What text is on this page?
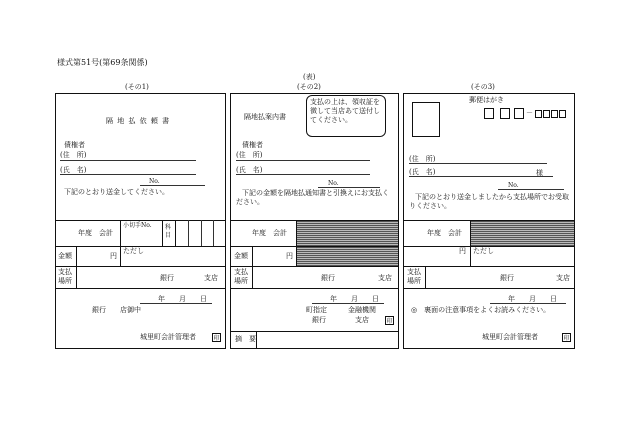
様式第51号(第69条関係)
(表)
(その1)
隔 地 払 依 頼 書
債権者
(住　所)
(氏　名)
No.
下記のとおり送金してください。
年度　会計
小切手No. 科目
金額	円
ただし
支払場所	銀行	支店
年　　月　　日
銀行　　店御中
城里町会計管理者	印
(その2)
隔地払案内書
支払の上は、領収証を徴して当店あて送付してください。
債権者
(住　所)
(氏　名)
No.
下記の金額を隔地払通知書と引換えにお支払ください。
年度　会計
金額	円
支払場所	銀行	支店
年　　月　　日
町指定	金融機関
銀行	支店	印
摘　要
(その3)
郵便はがき
－
(住　所)
(氏　名)	様
No.
下記のとおり送金しましたから支払場所でお受取りください。
年度　会計
円 ただし
支払場所	銀行	支店
年　　月　　日
◎　裏面の注意事項をよくお読みください。
城里町会計管理者	印
